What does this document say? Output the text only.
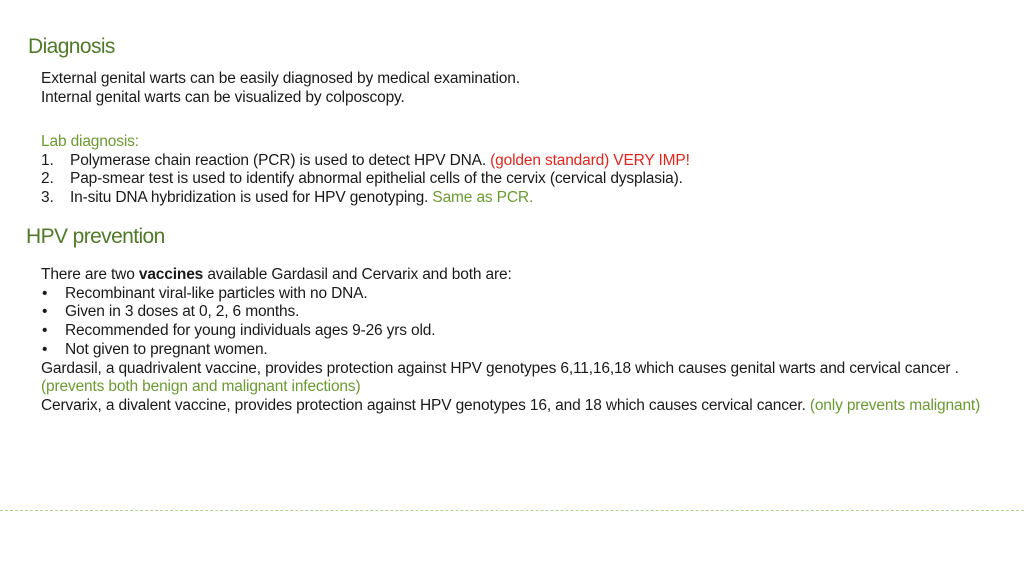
Diagnosis

External genital warts can be easily diagnosed by medical examination.

Internal genital warts can be visualized by colposcopy.

Lab diagnosis:

1.	Polymerase chain reaction (PCR) is used to detect HPV DNA. (golden standard) VERY IMP!
2.	Pap-smear test is used to identify abnormal epithelial cells of the cervix (cervical dysplasia).
3.	In-situ DNA hybridization is used for HPV genotyping. Same as PCR.
HPV prevention

There are two vaccines available Gardasil and Cervarix and both are:

•	Recombinant viral-like particles with no DNA.
•	Given in 3 doses at 0, 2, 6 months.
•	Recommended for young individuals ages 9-26 yrs old.
•	Not given to pregnant women.

Gardasil, a quadrivalent vaccine, provides protection against HPV genotypes 6,11,16,18 which causes genital warts and cervical cancer . (prevents both benign and malignant infections)

Cervarix, a divalent vaccine, provides protection against HPV genotypes 16, and 18 which causes cervical cancer. (only prevents malignant)
